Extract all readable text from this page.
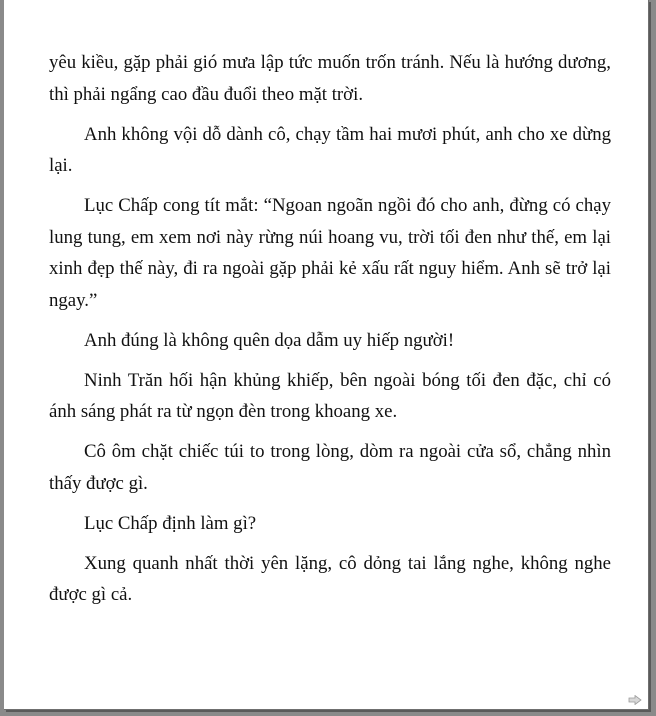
yêu kiều, gặp phải gió mưa lập tức muốn trốn tránh. Nếu là hướng dương, thì phải ngẩng cao đầu đuổi theo mặt trời.

Anh không vội dỗ dành cô, chạy tầm hai mươi phút, anh cho xe dừng lại.

Lục Chấp cong tít mắt: “Ngoan ngoãn ngồi đó cho anh, đừng có chạy lung tung, em xem nơi này rừng núi hoang vu, trời tối đen như thế, em lại xinh đẹp thế này, đi ra ngoài gặp phải kẻ xấu rất nguy hiểm. Anh sẽ trở lại ngay.”

Anh đúng là không quên dọa dẫm uy hiếp người!

Ninh Trăn hối hận khủng khiếp, bên ngoài bóng tối đen đặc, chỉ có ánh sáng phát ra từ ngọn đèn trong khoang xe.

Cô ôm chặt chiếc túi to trong lòng, dòm ra ngoài cửa sổ, chẳng nhìn thấy được gì.

Lục Chấp định làm gì?

Xung quanh nhất thời yên lặng, cô dỏng tai lắng nghe, không nghe được gì cả.
